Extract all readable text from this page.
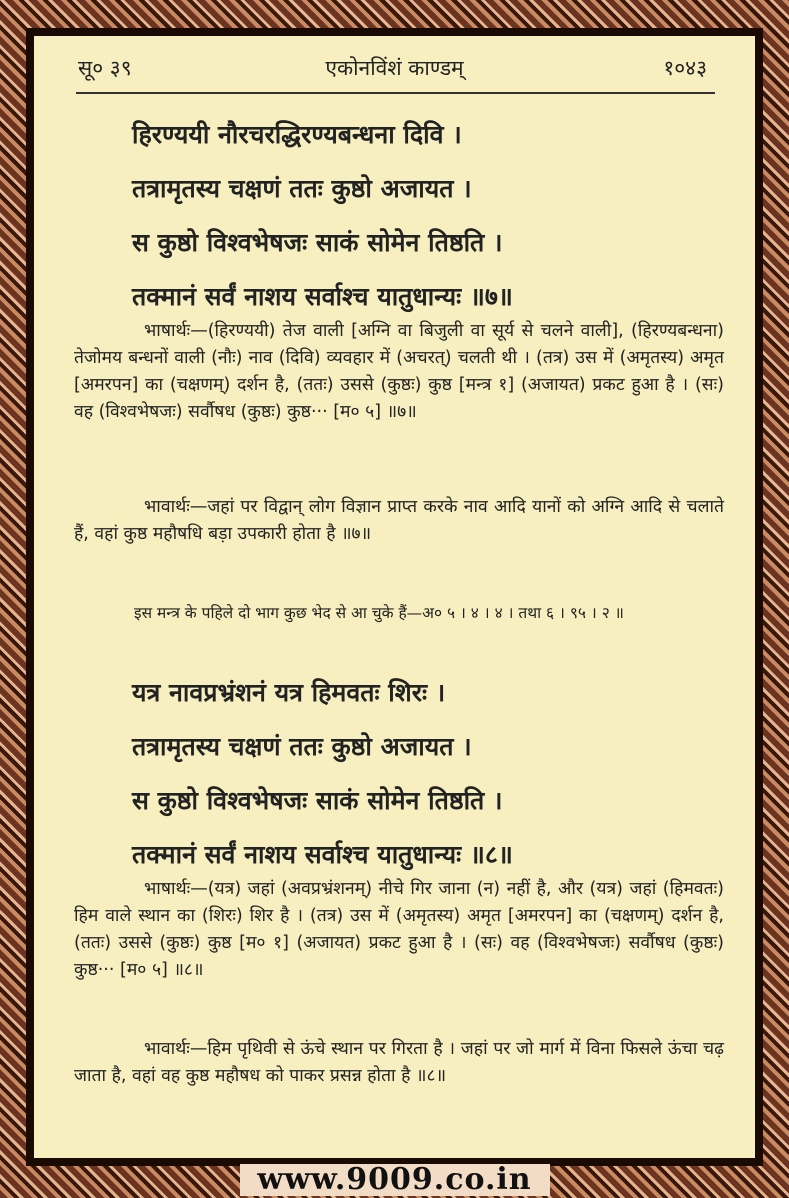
सू० ३९	एकोनविंशं काण्डम्	१०४३
हिरण्ययी नौरचरद्धिरण्यबन्धना दिवि ।
तत्रामृतस्य चक्षणं ततः कुष्ठो अजायत ।
स कुष्ठो विश्वभेषजः साकं सोमेन तिष्ठति ।
तक्मानं सर्वं नाशय सर्वाश्च यातुधान्यः ॥७॥

भाषार्थः—(हिरण्ययी) तेज वाली [अग्नि वा बिजुली वा सूर्य से चलने वाली], (हिरण्यबन्धना) तेजोमय बन्धनों वाली (नौः) नाव (दिवि) व्यवहार में (अचरत्) चलती थी । (तत्र) उस में (अमृतस्य) अमृत [अमरपन] का (चक्षणम्) दर्शन है, (ततः) उससे (कुष्ठः) कुष्ठ [मन्त्र १] (अजायत) प्रकट हुआ है । (सः) वह (विश्वभेषजः) सर्वौषध (कुष्ठः) कुष्ठ··· [म० ५] ॥७॥

भावार्थः—जहां पर विद्वान् लोग विज्ञान प्राप्त करके नाव आदि यानों को अग्नि आदि से चलाते हैं, वहां कुष्ठ महौषधि बड़ा उपकारी होता है ॥७॥

इस मन्त्र के पहिले दो भाग कुछ भेद से आ चुके हैं—अ० ५ । ४ । ४ । तथा ६ । ९५ । २ ॥
यत्र नावप्रभ्रंशनं यत्र हिमवतः शिरः ।
तत्रामृतस्य चक्षणं ततः कुष्ठो अजायत ।
स कुष्ठो विश्वभेषजः साकं सोमेन तिष्ठति ।
तक्मानं सर्वं नाशय सर्वाश्च यातुधान्यः ॥८॥

भाषार्थः—(यत्र) जहां (अवप्रभ्रंशनम्) नीचे गिर जाना (न) नहीं है, और (यत्र) जहां (हिमवतः) हिम वाले स्थान का (शिरः) शिर है । (तत्र) उस में (अमृतस्य) अमृत [अमरपन] का (चक्षणम्) दर्शन है, (ततः) उससे (कुष्ठः) कुष्ठ [म० १] (अजायत) प्रकट हुआ है । (सः) वह (विश्वभेषजः) सर्वौषध (कुष्ठः) कुष्ठ··· [म० ५] ॥८॥

भावार्थः—हिम पृथिवी से ऊंचे स्थान पर गिरता है । जहां पर जो मार्ग में विना फिसले ऊंचा चढ़ जाता है, वहां वह कुष्ठ महौषध को पाकर प्रसन्न होता है ॥८॥

www.9009.co.in
